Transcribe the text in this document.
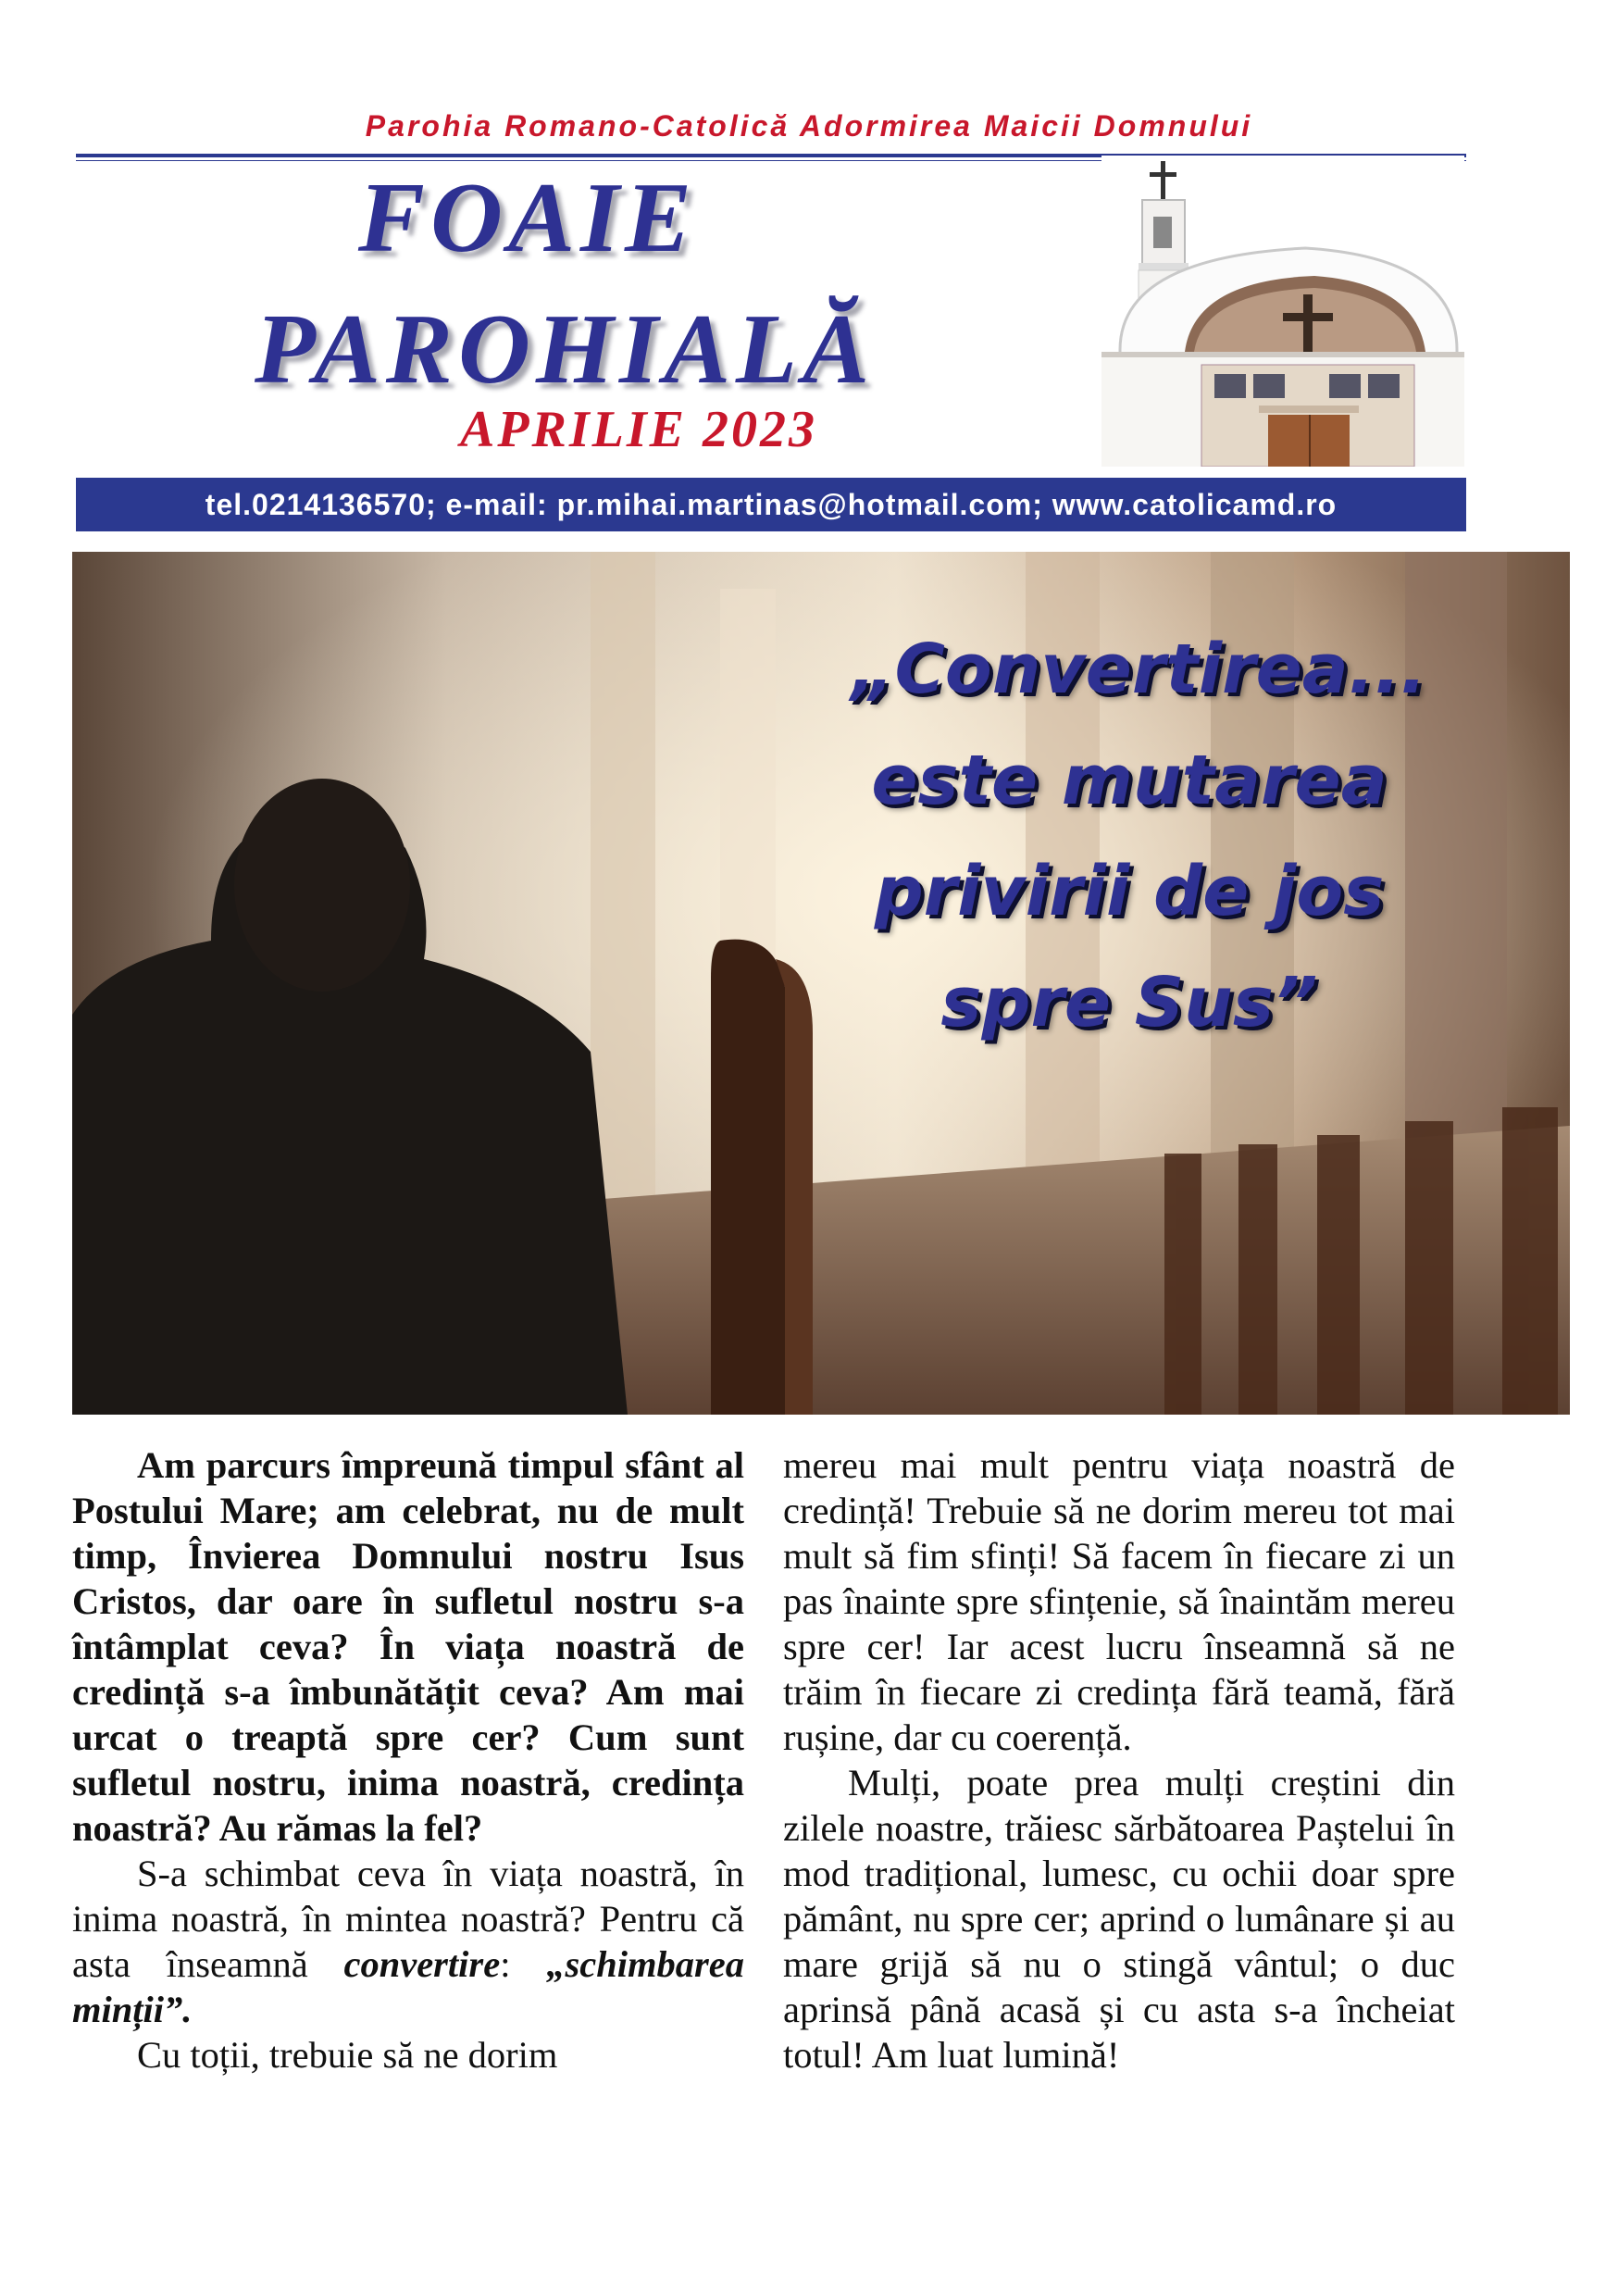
Parohia Romano-Catolică Adormirea Maicii Domnului
FOAIE
PAROHIALĂ
APRILIE 2023
tel.0214136570; e-mail: pr.mihai.martinas@hotmail.com; www.catolicamd.ro
„Convertirea...
este mutarea
privirii de jos
spre Sus”

Am parcurs împreună timpul sfânt al Postului Mare; am celebrat, nu de mult timp, Învierea Domnului nostru Isus Cristos, dar oare în sufletul nostru s-a întâmplat ceva? În viața noastră de credință s-a îmbunătățit ceva? Am mai urcat o treaptă spre cer? Cum sunt sufletul nostru, inima noastră, credința noastră? Au rămas la fel?

S-a schimbat ceva în viața noastră, în inima noastră, în mintea noastră? Pentru că asta înseamnă convertire: „schimbarea minții”.

Cu toții, trebuie să ne dorim

mereu mai mult pentru viața noastră de credință! Trebuie să ne dorim mereu tot mai mult să fim sfinți! Să facem în fiecare zi un pas înainte spre sfințenie, să înaintăm mereu spre cer! Iar acest lucru înseamnă să ne trăim în fiecare zi credința fără teamă, fără rușine, dar cu coerență.

Mulți, poate prea mulți creștini din zilele noastre, trăiesc sărbătoarea Paștelui în mod tradițional, lumesc, cu ochii doar spre pământ, nu spre cer; aprind o lumânare și au mare grijă să nu o stingă vântul; o duc aprinsă până acasă și cu asta s-a încheiat totul! Am luat lumină!
